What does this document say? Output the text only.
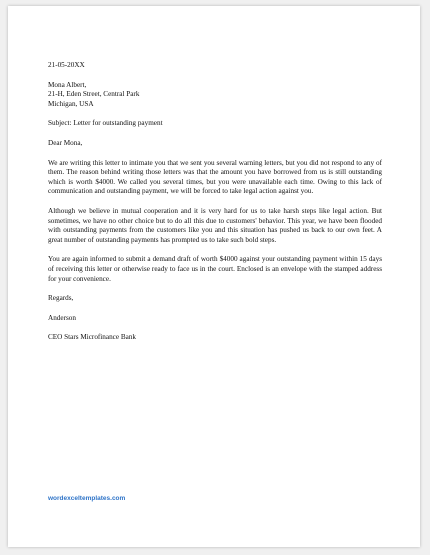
21-05-20XX

Mona Albert,
21-H, Eden Street, Central Park
Michigan, USA

Subject: Letter for outstanding payment

Dear Mona,

We are writing this letter to intimate you that we sent you several warning letters, but you did not respond to any of them. The reason behind writing those letters was that the amount you have borrowed from us is still outstanding which is worth $4000. We called you several times, but you were unavailable each time. Owing to this lack of communication and outstanding payment, we will be forced to take legal action against you.

Although we believe in mutual cooperation and it is very hard for us to take harsh steps like legal action. But sometimes, we have no other choice but to do all this due to customers' behavior. This year, we have been flooded with outstanding payments from the customers like you and this situation has pushed us back to our own feet. A great number of outstanding payments has prompted us to take such bold steps.

You are again informed to submit a demand draft of worth $4000 against your outstanding payment within 15 days of receiving this letter or otherwise ready to face us in the court. Enclosed is an envelope with the stamped address for your convenience.

Regards,

Anderson

CEO Stars Microfinance Bank

wordexceltemplates.com
